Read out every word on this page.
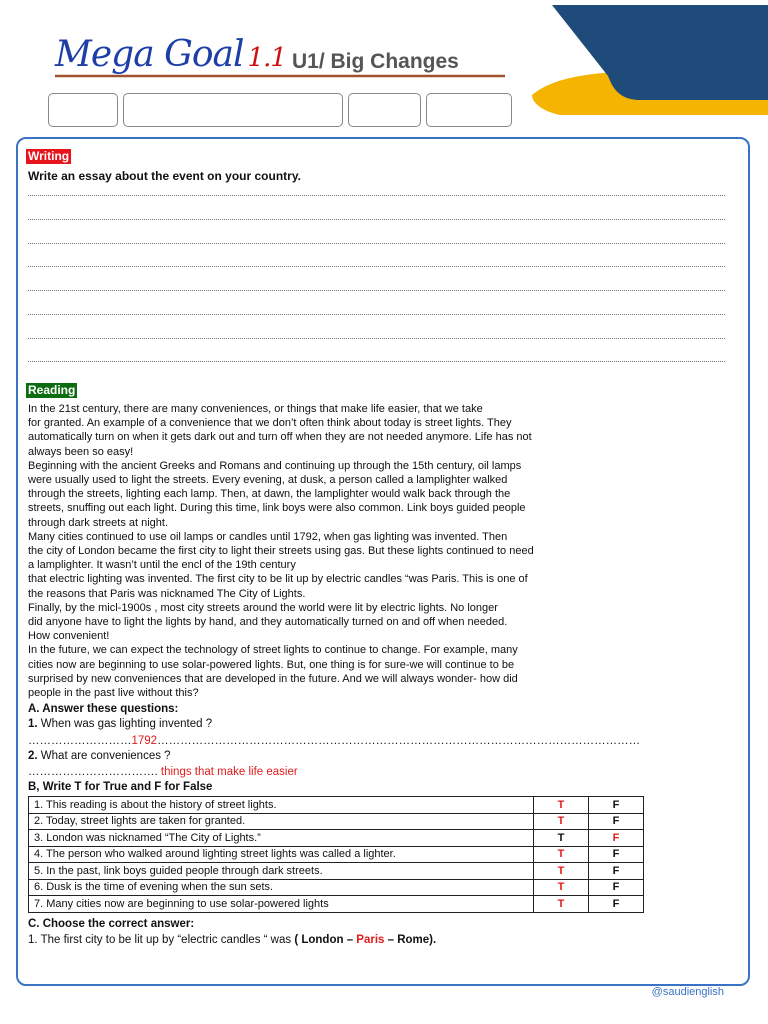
Mega Goal 1.1 U1/ Big Changes
Writing
Write an essay about the event on your country.
Reading

In the 21st century, there are many conveniences, or things that make life easier, that we take

for granted. An example of a convenience that we don’t often think about today is street lights. They

automatically turn on when it gets dark out and turn off when they are not needed anymore. Life has not

always been so easy!

Beginning with the ancient Greeks and Romans and continuing up through the 15th century, oil lamps

were usually used to light the streets. Every evening, at dusk, a person called a lamplighter walked

through the streets, lighting each lamp. Then, at dawn, the lamplighter would walk back through the

streets, snuffing out each light. During this time, link boys were also common. Link boys guided people

through dark streets at night.

Many cities continued to use oil lamps or candles until 1792, when gas lighting was invented. Then

the city of London became the first city to light their streets using gas. But these lights continued to need

a lamplighter. It wasn’t until the encl of the 19th century

that electric lighting was invented. The first city to be lit up by electric candles “was Paris. This is one of

the reasons that Paris was nicknamed The City of Lights.

Finally, by the micl-1900s , most city streets around the world were lit by electric lights. No longer

did anyone have to light the lights by hand, and they automatically turned on and off when needed.

How convenient!

In the future, we can expect the technology of street lights to continue to change. For example, many

cities now are beginning to use solar-powered lights. But, one thing is for sure-we will continue to be

surprised by new conveniences that are developed in the future. And we will always wonder- how did

people in the past live without this?

A. Answer these questions:
1. When was gas lighting invented ?
………………………1792………………………………………………………………………………………………………………
2. What are conveniences ?
……………………………. things that make life easier
B, Write T for True and F for False
1. This reading is about the history of street lights.	T	F
2. Today, street lights are taken for granted.	T	F
3. London was nicknamed “The City of Lights.”	T	F
4. The person who walked around lighting street lights was called a lighter.	T	F
5. In the past, link boys guided people through dark streets.	T	F
6. Dusk is the time of evening when the sun sets.	T	F
7. Many cities now are beginning to use solar-powered lights	T	F
C. Choose the correct answer:
1. The first city to be lit up by “electric candles “ was ( London – Paris – Rome).
@saudienglish
